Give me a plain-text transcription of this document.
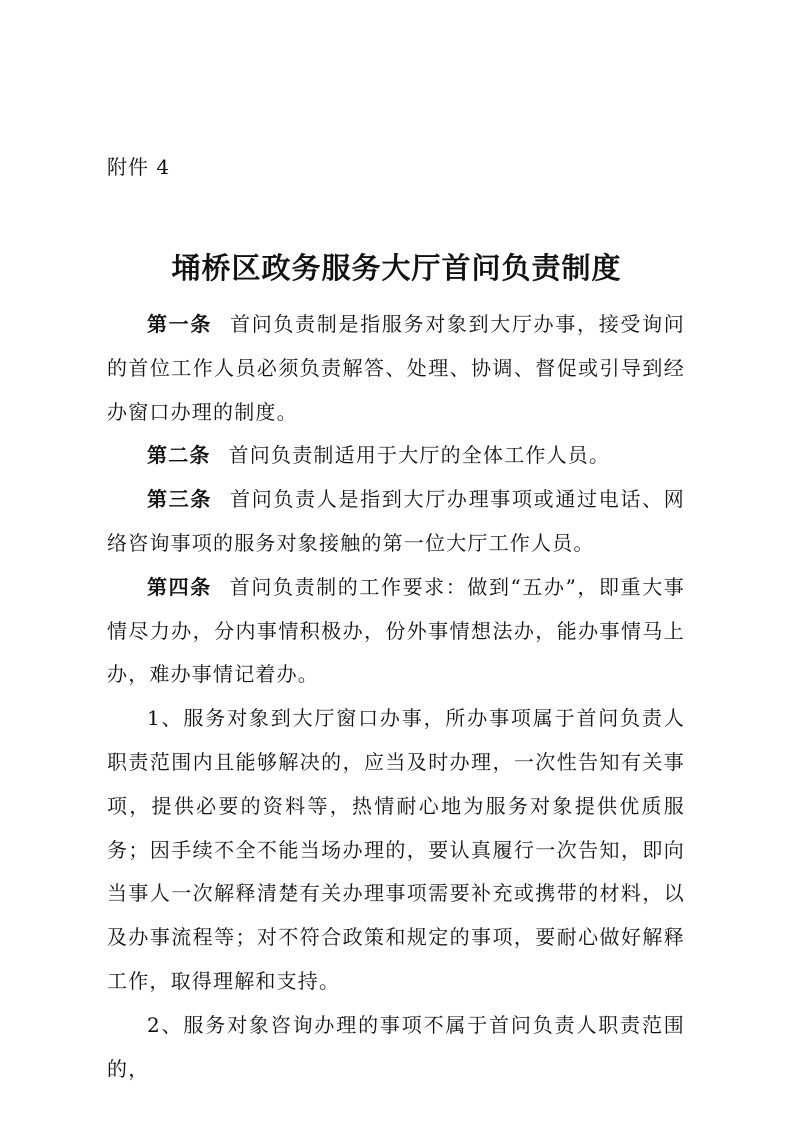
附件 4
埇桥区政务服务大厅首问负责制度

第一条 首问负责制是指服务对象到大厅办事，接受询问的首位工作人员必须负责解答、处理、协调、督促或引导到经办窗口办理的制度。

第二条 首问负责制适用于大厅的全体工作人员。

第三条 首问负责人是指到大厅办理事项或通过电话、网络咨询事项的服务对象接触的第一位大厅工作人员。

第四条 首问负责制的工作要求：做到“五办”，即重大事情尽力办，分内事情积极办，份外事情想法办，能办事情马上办，难办事情记着办。

1、服务对象到大厅窗口办事，所办事项属于首问负责人职责范围内且能够解决的，应当及时办理，一次性告知有关事项，提供必要的资料等，热情耐心地为服务对象提供优质服务；因手续不全不能当场办理的，要认真履行一次告知，即向当事人一次解释清楚有关办理事项需要补充或携带的材料，以及办事流程等；对不符合政策和规定的事项，要耐心做好解释工作，取得理解和支持。

2、服务对象咨询办理的事项不属于首问负责人职责范围的，
